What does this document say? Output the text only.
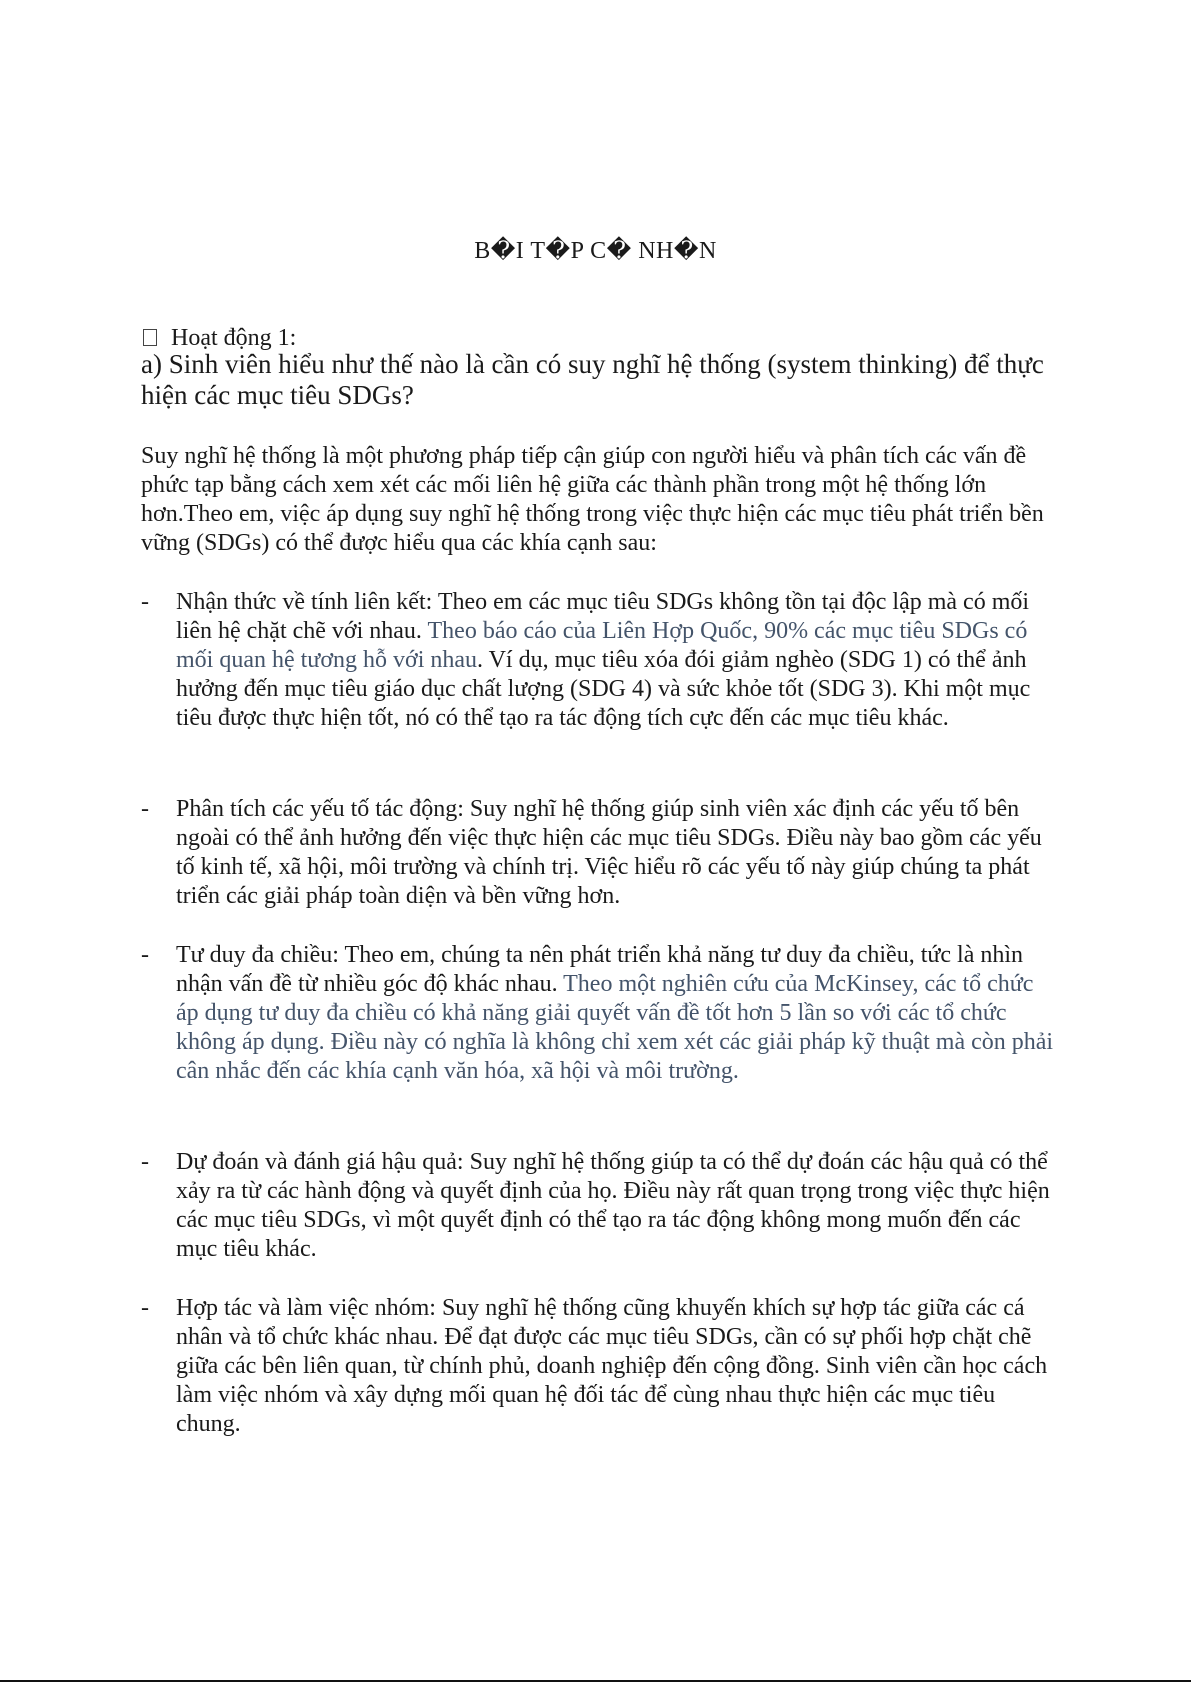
B�I T�P C� NH�N
Hoạt động 1:
a) Sinh viên hiểu như thế nào là cần có suy nghĩ hệ thống (system thinking) để thực hiện các mục tiêu SDGs?
Suy nghĩ hệ thống là một phương pháp tiếp cận giúp con người hiểu và phân tích các vấn đề phức tạp bằng cách xem xét các mối liên hệ giữa các thành phần trong một hệ thống lớn hơn.Theo em, việc áp dụng suy nghĩ hệ thống trong việc thực hiện các mục tiêu phát triển bền vững (SDGs) có thể được hiểu qua các khía cạnh sau:
- Nhận thức về tính liên kết: Theo em các mục tiêu SDGs không tồn tại độc lập mà có mối liên hệ chặt chẽ với nhau. Theo báo cáo của Liên Hợp Quốc, 90% các mục tiêu SDGs có mối quan hệ tương hỗ với nhau. Ví dụ, mục tiêu xóa đói giảm nghèo (SDG 1) có thể ảnh hưởng đến mục tiêu giáo dục chất lượng (SDG 4) và sức khỏe tốt (SDG 3). Khi một mục tiêu được thực hiện tốt, nó có thể tạo ra tác động tích cực đến các mục tiêu khác.
- Phân tích các yếu tố tác động: Suy nghĩ hệ thống giúp sinh viên xác định các yếu tố bên ngoài có thể ảnh hưởng đến việc thực hiện các mục tiêu SDGs. Điều này bao gồm các yếu tố kinh tế, xã hội, môi trường và chính trị. Việc hiểu rõ các yếu tố này giúp chúng ta phát triển các giải pháp toàn diện và bền vững hơn.
- Tư duy đa chiều: Theo em, chúng ta nên phát triển khả năng tư duy đa chiều, tức là nhìn nhận vấn đề từ nhiều góc độ khác nhau. Theo một nghiên cứu của McKinsey, các tổ chức áp dụng tư duy đa chiều có khả năng giải quyết vấn đề tốt hơn 5 lần so với các tổ chức không áp dụng. Điều này có nghĩa là không chỉ xem xét các giải pháp kỹ thuật mà còn phải cân nhắc đến các khía cạnh văn hóa, xã hội và môi trường.
- Dự đoán và đánh giá hậu quả: Suy nghĩ hệ thống giúp ta có thể dự đoán các hậu quả có thể xảy ra từ các hành động và quyết định của họ. Điều này rất quan trọng trong việc thực hiện các mục tiêu SDGs, vì một quyết định có thể tạo ra tác động không mong muốn đến các mục tiêu khác.
- Hợp tác và làm việc nhóm: Suy nghĩ hệ thống cũng khuyến khích sự hợp tác giữa các cá nhân và tổ chức khác nhau. Để đạt được các mục tiêu SDGs, cần có sự phối hợp chặt chẽ giữa các bên liên quan, từ chính phủ, doanh nghiệp đến cộng đồng. Sinh viên cần học cách làm việc nhóm và xây dựng mối quan hệ đối tác để cùng nhau thực hiện các mục tiêu chung.
